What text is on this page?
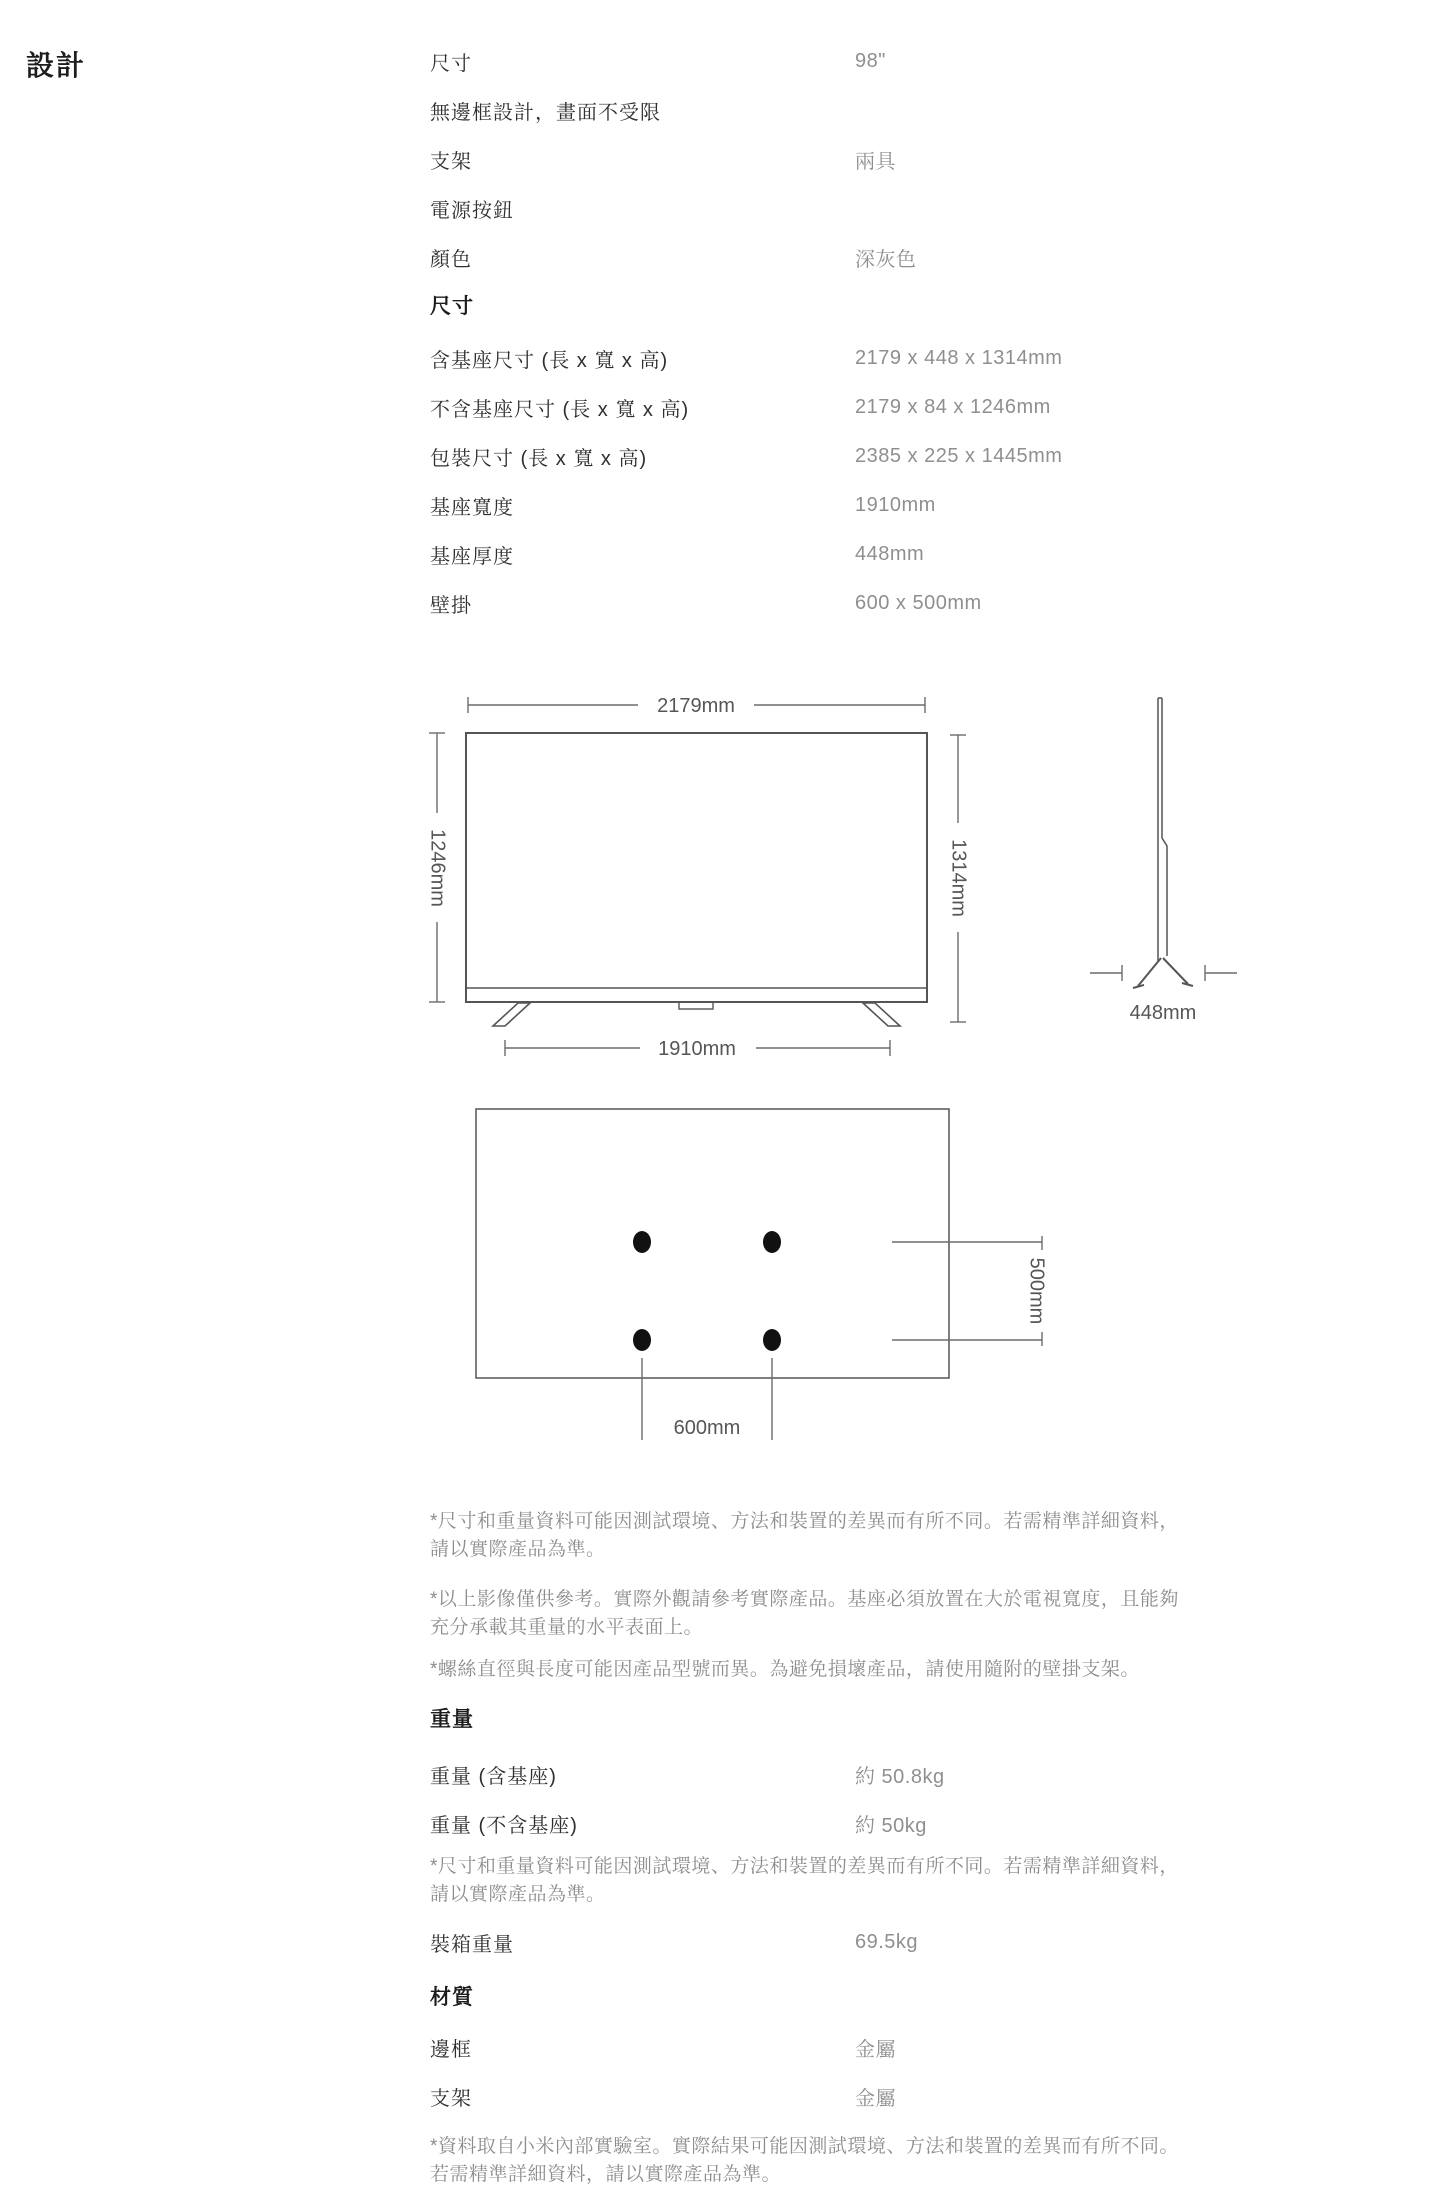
設計	尺寸	98"
無邊框設計，畫面不受限
支架	兩具
電源按鈕
顏色	深灰色
尺寸
含基座尺寸 (長 x 寬 x 高)	2179 x 448 x 1314mm
不含基座尺寸 (長 x 寬 x 高)	2179 x 84 x 1246mm
包裝尺寸 (長 x 寬 x 高)	2385 x 225 x 1445mm
基座寬度	1910mm
基座厚度	448mm
壁掛	600 x 500mm
2179mm
1246mm	1314mm
1910mm
448mm
500mm
600mm
*尺寸和重量資料可能因測試環境、方法和裝置的差異而有所不同。若需精準詳細資料，
請以實際產品為準。
*以上影像僅供參考。實際外觀請參考實際產品。基座必須放置在大於電視寬度，且能夠
充分承載其重量的水平表面上。
*螺絲直徑與長度可能因產品型號而異。為避免損壞產品，請使用隨附的壁掛支架。
重量
重量 (含基座)	約 50.8kg
重量 (不含基座)	約 50kg
*尺寸和重量資料可能因測試環境、方法和裝置的差異而有所不同。若需精準詳細資料，
請以實際產品為準。
裝箱重量	69.5kg
材質
邊框	金屬
支架	金屬
*資料取自小米內部實驗室。實際結果可能因測試環境、方法和裝置的差異而有所不同。
若需精準詳細資料，請以實際產品為準。
